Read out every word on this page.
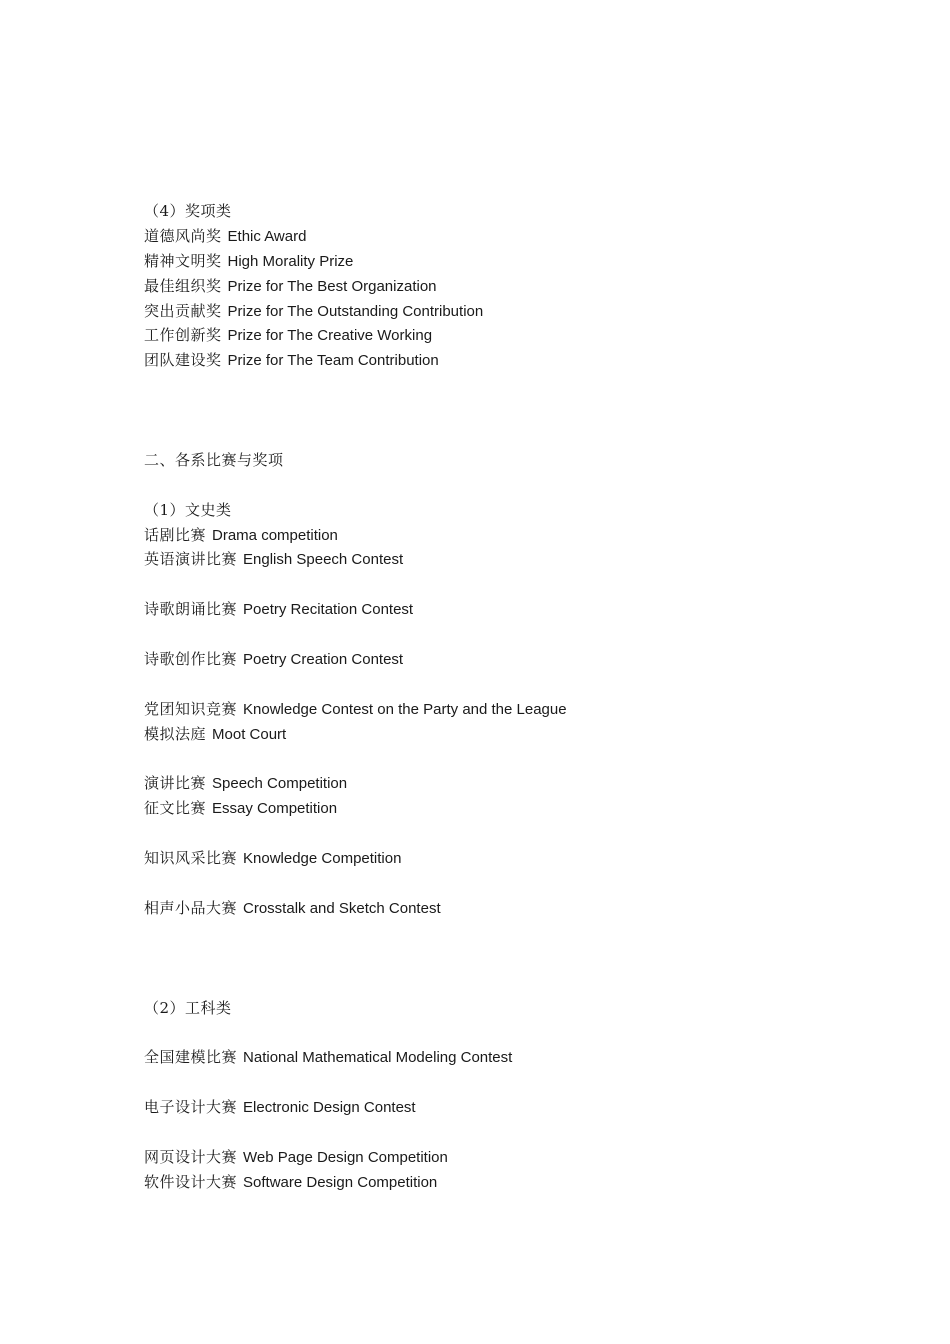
（4）奖项类
道德风尚奖 Ethic Award
精神文明奖 High Morality Prize
最佳组织奖 Prize for The Best Organization
突出贡献奖 Prize for The Outstanding Contribution
工作创新奖 Prize for The Creative Working
团队建设奖 Prize for The Team Contribution
二、各系比赛与奖项
（1）文史类
话剧比赛 Drama competition
英语演讲比赛 English Speech Contest
诗歌朗诵比赛 Poetry Recitation Contest
诗歌创作比赛 Poetry Creation Contest
党团知识竞赛 Knowledge Contest on the Party and the League
模拟法庭 Moot Court
演讲比赛 Speech Competition
征文比赛 Essay Competition
知识风采比赛 Knowledge Competition
相声小品大赛 Crosstalk and Sketch Contest
（2）工科类
全国建模比赛 National Mathematical Modeling Contest
电子设计大赛 Electronic Design Contest
网页设计大赛 Web Page Design Competition
软件设计大赛 Software Design Competition
